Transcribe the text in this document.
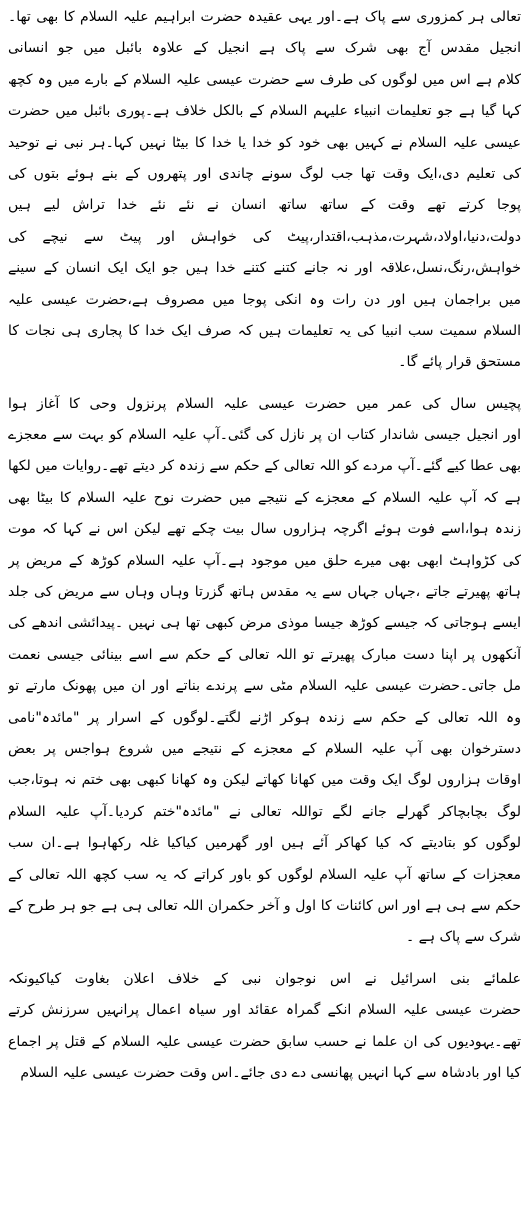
تعالی ہر کمزوری سے پاک ہے۔اور یہی عقیدہ حضرت ابراہیم علیہ السلام کا بھی تھا۔
انجیل مقدس آج بھی شرک سے پاک ہے انجیل کے علاوہ بائبل میں جو انسانی
کلام ہے اس میں لوگوں کی طرف سے حضرت عیسی علیہ السلام کے بارے میں وہ کچھ
کہا گیا ہے جو تعلیمات انبیاء علیہم السلام کے بالکل خلاف ہے۔پوری بائبل میں حضرت
عیسی علیہ السلام نے کہیں بھی خود کو خدا یا خدا کا بیٹا نہیں کہا۔ہر نبی نے توحید
کی تعلیم دی،ایک وقت تھا جب لوگ سونے چاندی اور پتھروں کے بنے ہوئے بتوں کی
پوجا کرتے تھے وقت کے ساتھ ساتھ انسان نے نئے نئے خدا تراش لیے ہیں
دولت،دنیا،اولاد،شہرت،مذہب،اقتدار،پیٹ کی خواہش اور پیٹ سے نیچے کی
خواہش،رنگ،نسل،علاقہ اور نہ جانے کتنے کتنے خدا ہیں جو ایک ایک انسان کے سینے
میں براجمان ہیں اور دن رات وہ انکی پوجا میں مصروف ہے،حضرت عیسی علیہ
السلام سمیت سب انبیا کی یہ تعلیمات ہیں کہ صرف ایک خدا کا پجاری ہی نجات کا
مستحق قرار پائے گا۔
پچیس سال کی عمر میں حضرت عیسی علیہ السلام پرنزول وحی کا آغاز ہوا
اور انجیل جیسی شاندار کتاب ان پر نازل کی گئی۔آپ علیہ السلام کو بہت سے معجزے
بھی عطا کیے گئے۔آپ مردے کو اللہ تعالی کے حکم سے زندہ کر دیتے تھے۔روایات میں لکھا
ہے کہ آپ علیہ السلام کے معجزے کے نتیجے میں حضرت نوح علیہ السلام کا بیٹا بھی
زندہ ہوا،اسے فوت ہوئے اگرچہ ہزاروں سال بیت چکے تھے لیکن اس نے کہا کہ موت
کی کڑواہٹ ابھی بھی میرے حلق میں موجود ہے۔آپ علیہ السلام کوڑھ کے مریض پر
ہاتھ پھیرتے جاتے ،جہاں جہاں سے یہ مقدس ہاتھ گزرتا وہاں وہاں سے مریض کی جلد
ایسے ہوجاتی کہ جیسے کوڑھ جیسا موذی مرض کبھی تھا ہی نہیں ۔پیدائشی اندھے کی
آنکھوں پر اپنا دست مبارک پھیرتے تو اللہ تعالی کے حکم سے اسے بینائی جیسی نعمت
مل جاتی۔حضرت عیسی علیہ السلام مٹی سے پرندے بناتے اور ان میں پھونک مارتے تو
وہ اللہ تعالی کے حکم سے زندہ ہوکر اڑنے لگتے۔لوگوں کے اسرار پر "مائدہ"نامی
دسترخوان بھی آپ علیہ السلام کے معجزے کے نتیجے میں شروع ہواجس پر بعض
اوقات ہزاروں لوگ ایک وقت میں کھانا کھاتے لیکن وہ کھانا کبھی بھی ختم نہ ہوتا،جب
لوگ بچابچاکر گھرلے جانے لگے تواللہ تعالی نے "مائدہ"ختم کردیا۔آپ علیہ السلام
لوگوں کو بتادیتے کہ کیا کھاکر آئے ہیں اور گھرمیں کیاکیا غلہ رکھاہوا ہے۔ان سب
معجزات کے ساتھ آپ علیہ السلام لوگوں کو باور کراتے کہ یہ سب کچھ اللہ تعالی کے
حکم سے ہی ہے اور اس کائنات کا اول و آخر حکمران اللہ تعالی ہی ہے جو ہر طرح کے
شرک سے پاک ہے ۔
علمائے بنی اسرائیل نے اس نوجوان نبی کے خلاف اعلان بغاوت کیاکیونکہ
حضرت عیسی علیہ السلام انکے گمراہ عقائد اور سیاہ اعمال پرانہیں سرزنش کرتے
تھے۔یہودیوں کی ان علما نے حسب سابق حضرت عیسی علیہ السلام کے قتل پر اجماع
کیا اور بادشاہ سے کہا انہیں پھانسی دے دی جائے۔اس وقت حضرت عیسی علیہ السلام
